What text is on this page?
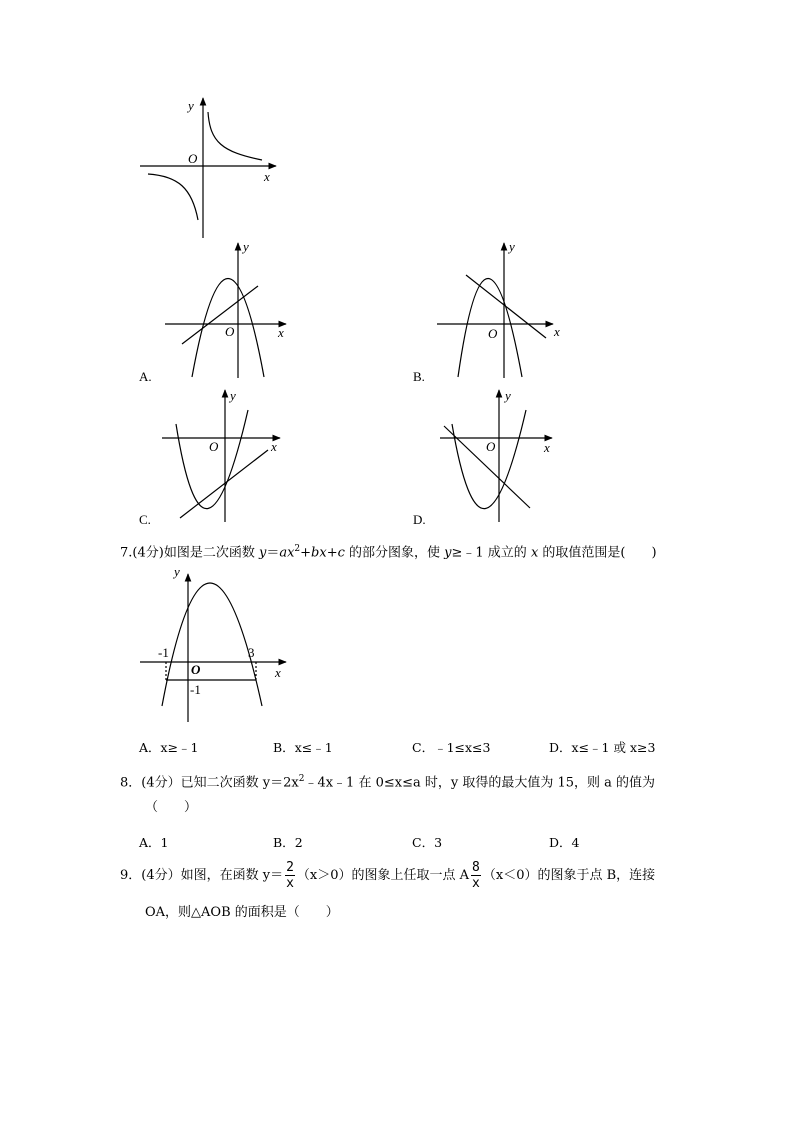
y
O
x
y
O	x
A.
y
O	x
B.
y
O	x
C.
y
O	x
D.
y
O	x
-1	3
-1
7.(4分)如图是二次函数 $y=ax^2+bx+c$ 的部分图象，使 y≥﹣1 成立的 x 的取值范围是(　　)
A．x≥﹣1	B．x≤﹣1	C．﹣1≤x≤3	D．x≤﹣1 或 x≥3
8．(4分）已知二次函数 $y=2x^2﹣4x﹣1$ 在 0≤x≤a 时，y 取得的最大值为 15，则 a 的值为
（　　）
A．1	B．2	C．3	D．4
9．(4分）如图，在函数 $y= \frac{2}{x} (x>0)$的图象上任取一点 A $\frac{8}{x} (x<0)$的图象于点 B，连接
OA，则△AOB 的面积是（　　）
